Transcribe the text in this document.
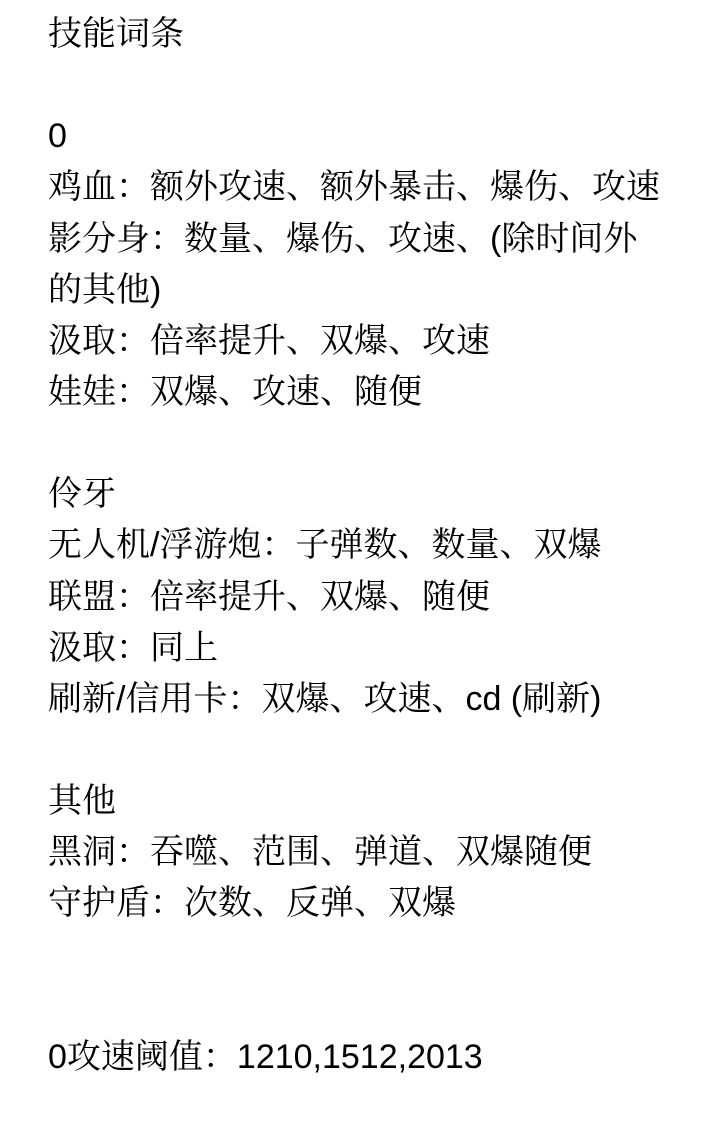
技能词条
0
鸡血：额外攻速、额外暴击、爆伤、攻速
影分身：数量、爆伤、攻速、(除时间外
的其他)
汲取：倍率提升、双爆、攻速
娃娃：双爆、攻速、随便
伶牙
无人机/浮游炮：子弹数、数量、双爆
联盟：倍率提升、双爆、随便
汲取：同上
刷新/信用卡：双爆、攻速、cd (刷新)
其他
黑洞：吞噬、范围、弹道、双爆随便
守护盾：次数、反弹、双爆
0攻速阈值：1210,1512,2013
